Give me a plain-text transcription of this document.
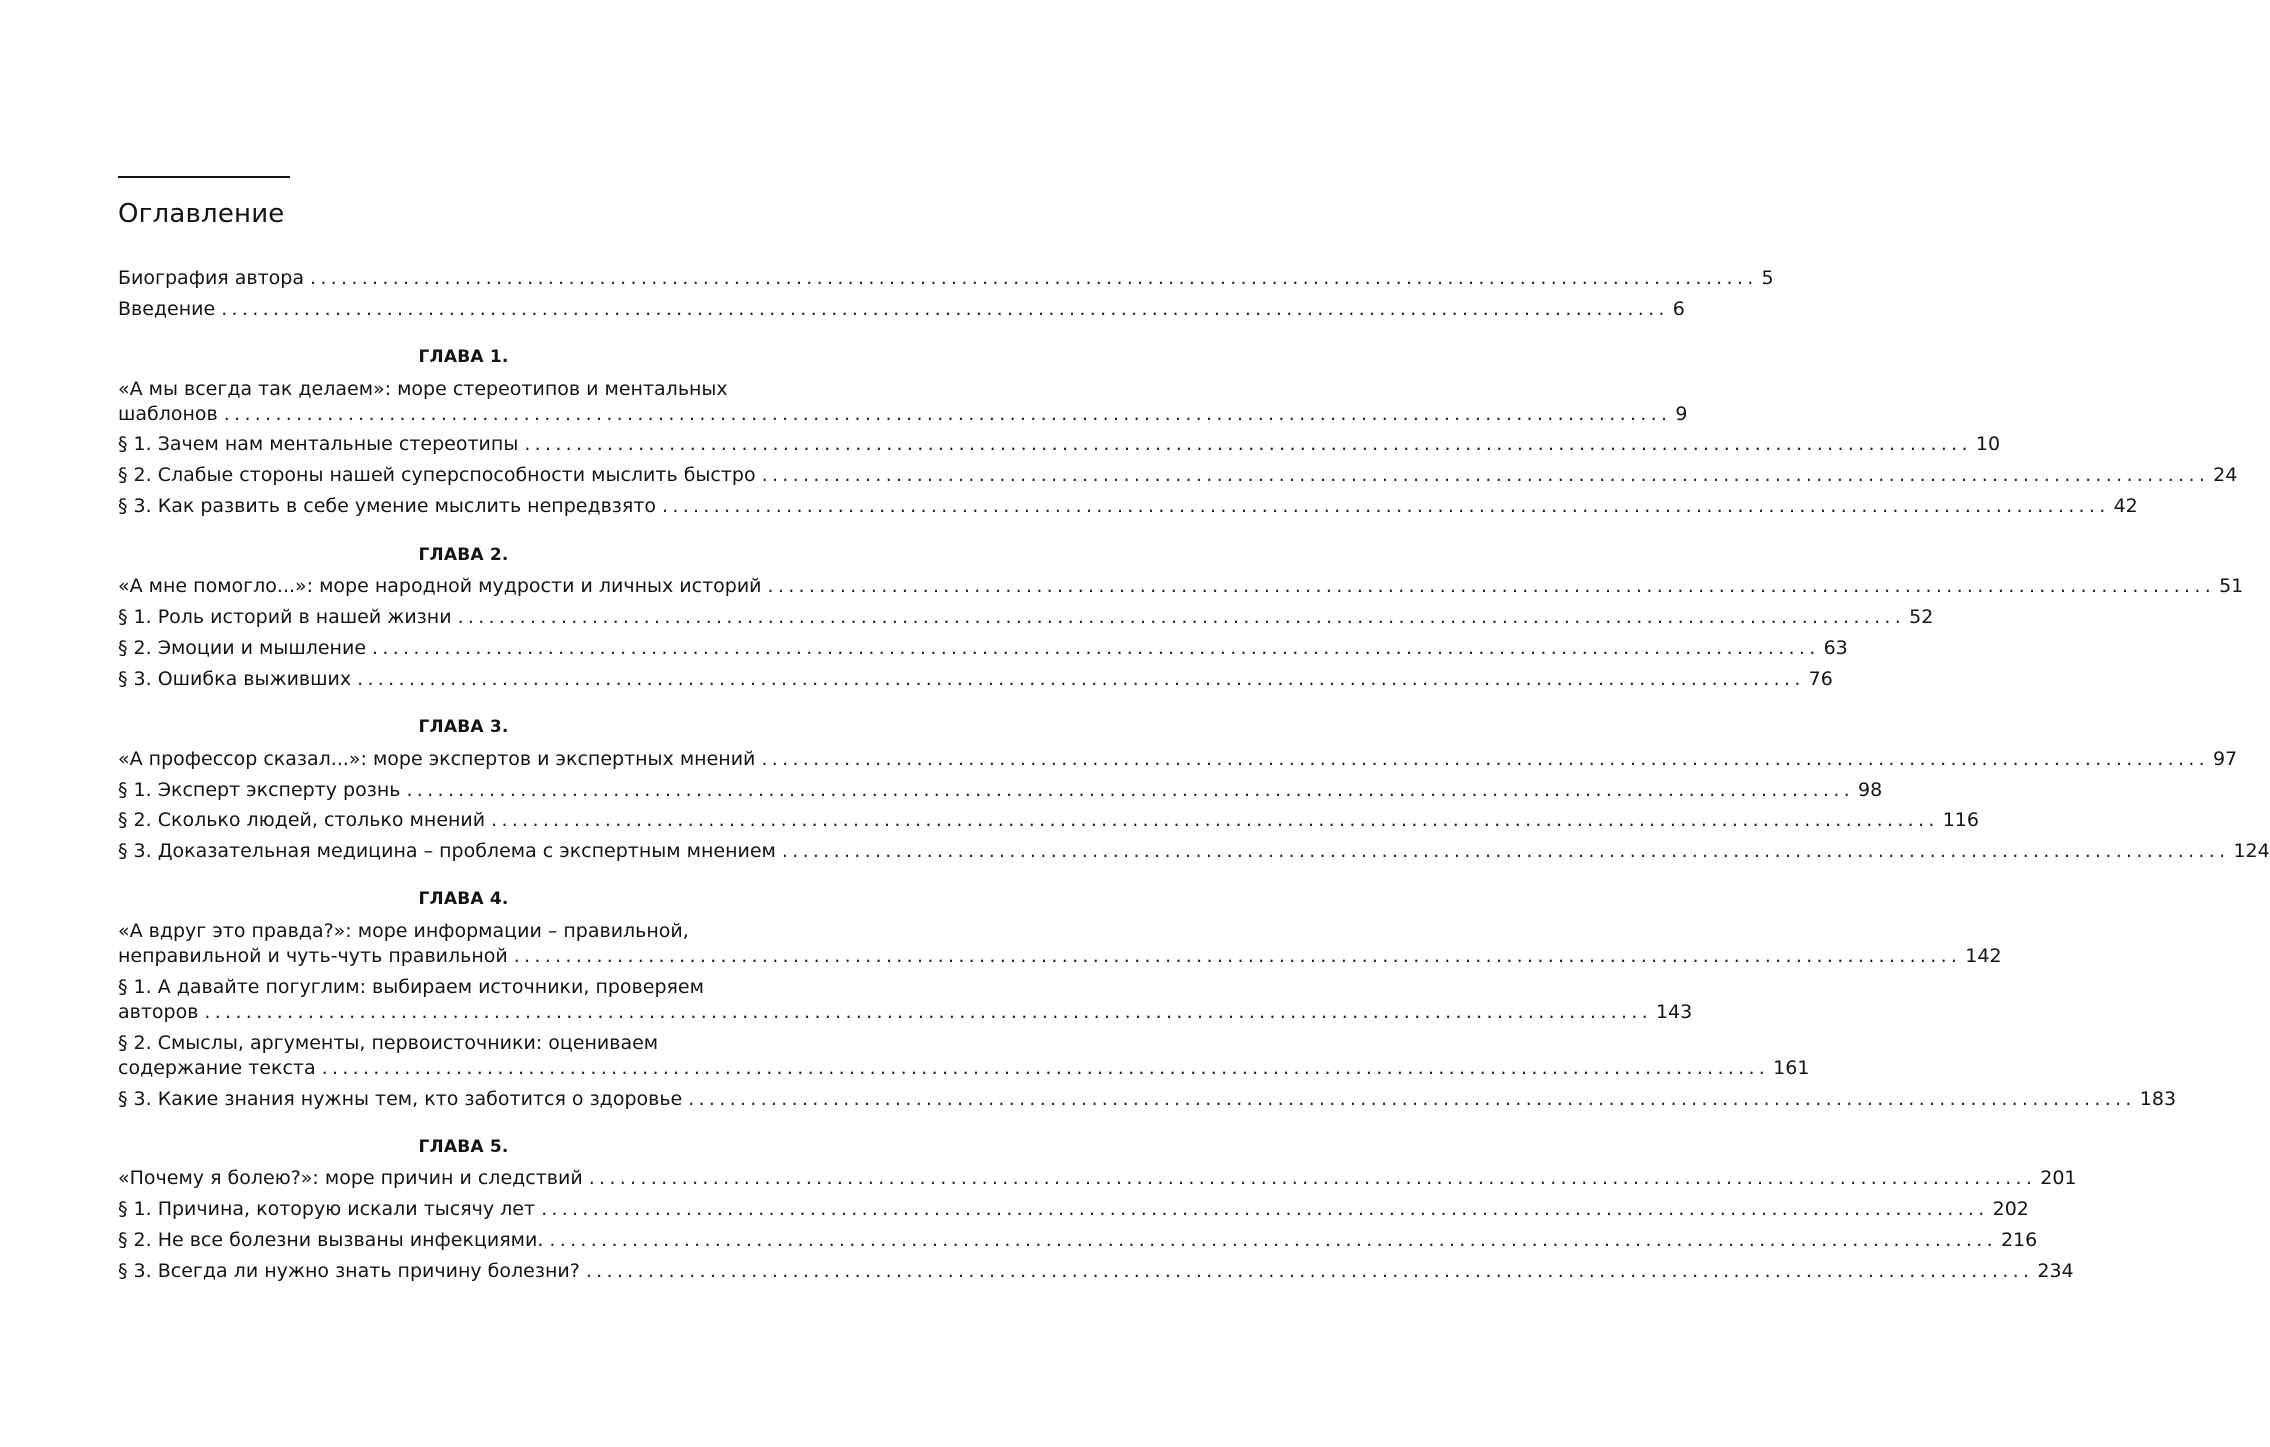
Оглавление
Биография автора ............................................................................................................................................ 5
Введение ............................................................................................................................................ 6
ГЛАВА 1.
«А мы всегда так делаем»: море стереотипов и ментальных
шаблонов ............................................................................................................................................ 9
§ 1. Зачем нам ментальные стереотипы ............................................................................................................................................ 10
§ 2. Слабые стороны нашей суперспособности мыслить быстро ............................................................................................................................................ 24
§ 3. Как развить в себе умение мыслить непредвзято ............................................................................................................................................ 42
ГЛАВА 2.
«А мне помогло...»: море народной мудрости и личных историй ............................................................................................................................................ 51
§ 1. Роль историй в нашей жизни ............................................................................................................................................ 52
§ 2. Эмоции и мышление ............................................................................................................................................ 63
§ 3. Ошибка выживших ............................................................................................................................................ 76
ГЛАВА 3.
«А профессор сказал...»: море экспертов и экспертных мнений ............................................................................................................................................ 97
§ 1. Эксперт эксперту рознь ............................................................................................................................................ 98
§ 2. Сколько людей, столько мнений ............................................................................................................................................ 116
§ 3. Доказательная медицина – проблема с экспертным мнением ............................................................................................................................................ 124
ГЛАВА 4.
«А вдруг это правда?»: море информации – правильной,
неправильной и чуть-чуть правильной ............................................................................................................................................ 142
§ 1. А давайте погуглим: выбираем источники, проверяем
авторов ............................................................................................................................................ 143
§ 2. Смыслы, аргументы, первоисточники: оцениваем
содержание текста ............................................................................................................................................ 161
§ 3. Какие знания нужны тем, кто заботится о здоровье ............................................................................................................................................ 183
ГЛАВА 5.
«Почему я болею?»: море причин и следствий ............................................................................................................................................ 201
§ 1. Причина, которую искали тысячу лет ............................................................................................................................................ 202
§ 2. Не все болезни вызваны инфекциями. ............................................................................................................................................ 216
§ 3. Всегда ли нужно знать причину болезни? ............................................................................................................................................ 234
